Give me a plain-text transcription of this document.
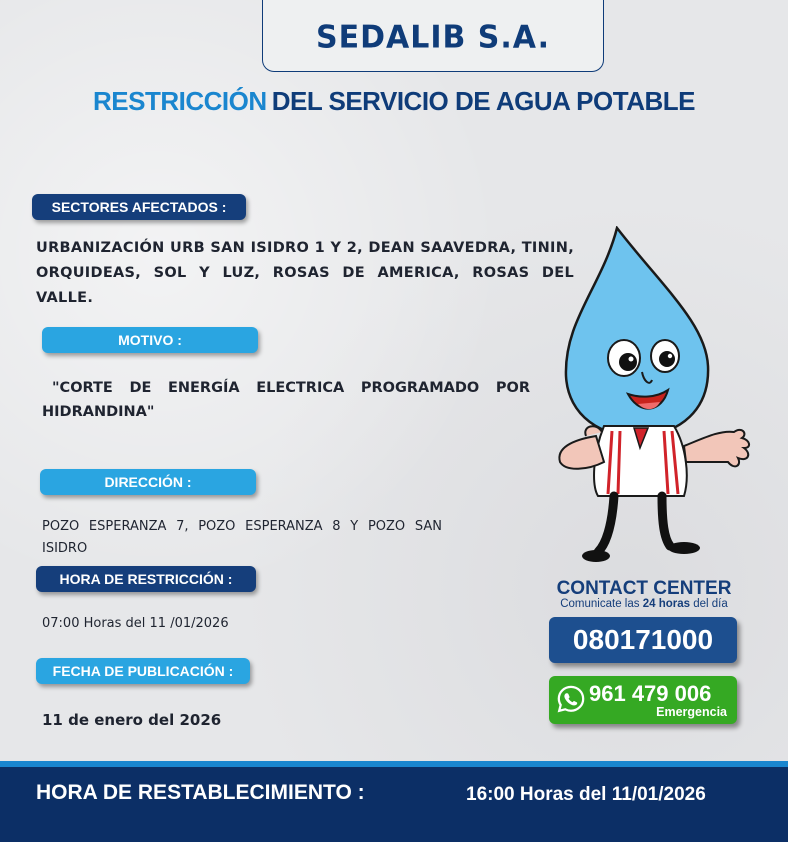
SEDALIB S.A.
RESTRICCIÓN DEL SERVICIO DE AGUA POTABLE
SECTORES AFECTADOS :
URBANIZACIÓN URB SAN ISIDRO 1 Y 2, DEAN SAAVEDRA, TININ, ORQUIDEAS, SOL Y LUZ, ROSAS DE AMERICA, ROSAS DEL VALLE.
MOTIVO :
"CORTE DE ENERGÍA ELECTRICA PROGRAMADO POR HIDRANDINA"
DIRECCIÓN :
POZO ESPERANZA 7, POZO ESPERANZA 8 Y POZO SAN ISIDRO
HORA DE RESTRICCIÓN :
07:00 Horas del 11 /01/2026
FECHA DE PUBLICACIÓN :
11 de enero del 2026
CONTACT CENTER
Comunicate las 24 horas del día
080171000
961 479 006
Emergencia
HORA DE RESTABLECIMIENTO :	16:00 Horas del 11/01/2026
